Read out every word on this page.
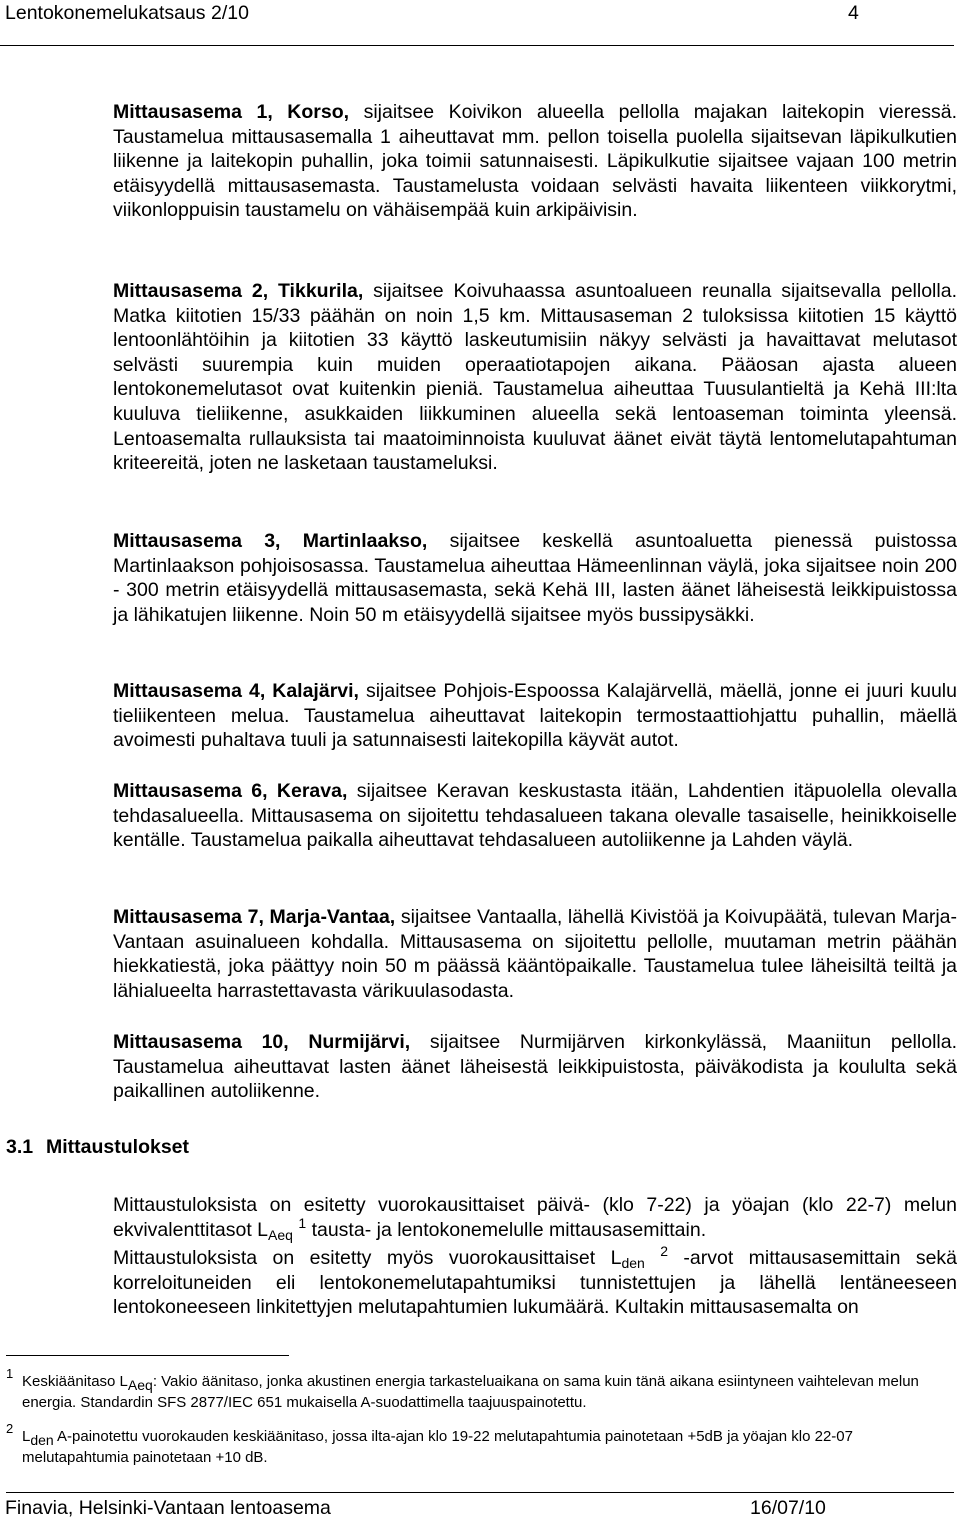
Lentokonemelukatsaus 2/10	4

Mittausasema 1, Korso, sijaitsee Koivikon alueella pellolla majakan laitekopin vieressä. Taustamelua mittausasemalla 1 aiheuttavat mm. pellon toisella puolella sijaitsevan läpikulkutien liikenne ja laitekopin puhallin, joka toimii satunnaisesti. Läpikulkutie sijaitsee vajaan 100 metrin etäisyydellä mittausasemasta. Taustamelusta voidaan selvästi havaita liikenteen viikkorytmi, viikonloppuisin taustamelu on vähäisempää kuin arkipäivisin.

Mittausasema 2, Tikkurila, sijaitsee Koivuhaassa asuntoalueen reunalla sijaitsevalla pellolla. Matka kiitotien 15/33 päähän on noin 1,5 km. Mittausaseman 2 tuloksissa kiitotien 15 käyttö lentoonlähtöihin ja kiitotien 33 käyttö laskeutumisiin näkyy selvästi ja havaittavat melutasot selvästi suurempia kuin muiden operaatiotapojen aikana. Pääosan ajasta alueen lentokonemelutasot ovat kuitenkin pieniä. Taustamelua aiheuttaa Tuusulantieltä ja Kehä III:lta kuuluva tieliikenne, asukkaiden liikkuminen alueella sekä lentoaseman toiminta yleensä. Lentoasemalta rullauksista tai maatoiminnoista kuuluvat äänet eivät täytä lentomelutapahtuman kriteereitä, joten ne lasketaan taustameluksi.

Mittausasema 3, Martinlaakso, sijaitsee keskellä asuntoaluetta pienessä puistossa Martinlaakson pohjoisosassa. Taustamelua aiheuttaa Hämeenlinnan väylä, joka sijaitsee noin 200 - 300 metrin etäisyydellä mittausasemasta, sekä Kehä III, lasten äänet läheisestä leikkipuistossa ja lähikatujen liikenne. Noin 50 m etäisyydellä sijaitsee myös bussipysäkki.

Mittausasema 4, Kalajärvi, sijaitsee Pohjois-Espoossa Kalajärvellä, mäellä, jonne ei juuri kuulu tieliikenteen melua. Taustamelua aiheuttavat laitekopin termostaattiohjattu puhallin, mäellä avoimesti puhaltava tuuli ja satunnaisesti laitekopilla käyvät autot.

Mittausasema 6, Kerava, sijaitsee Keravan keskustasta itään, Lahdentien itäpuolella olevalla tehdasalueella. Mittausasema on sijoitettu tehdasalueen takana olevalle tasaiselle, heinikkoiselle kentälle. Taustamelua paikalla aiheuttavat tehdasalueen autoliikenne ja Lahden väylä.

Mittausasema 7, Marja-Vantaa, sijaitsee Vantaalla, lähellä Kivistöä ja Koivupäätä, tulevan Marja-Vantaan asuinalueen kohdalla. Mittausasema on sijoitettu pellolle, muutaman metrin päähän hiekkatiestä, joka päättyy noin 50 m päässä kääntöpaikalle. Taustamelua tulee läheisiltä teiltä ja lähialueelta harrastettavasta värikuulasodasta.

Mittausasema 10, Nurmijärvi, sijaitsee Nurmijärven kirkonkylässä, Maaniitun pellolla. Taustamelua aiheuttavat lasten äänet läheisestä leikkipuistosta, päiväkodista ja koululta sekä paikallinen autoliikenne.

3.1 Mittaustulokset

Mittaustuloksista on esitetty vuorokausittaiset päivä- (klo 7-22) ja yöajan (klo 22-7) melun ekvivalenttitasot $L_{Aeq}$ $^1$ tausta- ja lentokonemelulle mittausasemittain.

Mittaustuloksista on esitetty myös vuorokausittaiset $L_{den}$ $^2$ -arvot mittausasemittain sekä korreloituneiden eli lentokonemelutapahtumiksi tunnistettujen ja lähellä lentäneeseen lentokoneeseen linkitettyjen melutapahtumien lukumäärä. Kultakin mittausasemalta on

1 Keskiäänitaso $L_{Aeq}$: Vakio äänitaso, jonka akustinen energia tarkasteluaikana on sama kuin tänä aikana esiintyneen vaihtelevan melun energia. Standardin SFS 2877/IEC 651 mukaisella A-suodattimella taajuuspainotettu.
2 $L_{den}$ A-painotettu vuorokauden keskiäänitaso, jossa ilta-ajan klo 19-22 melutapahtumia painotetaan +5dB ja yöajan klo 22-07 melutapahtumia painotetaan +10 dB.
Finavia, Helsinki-Vantaan lentoasema	16/07/10
